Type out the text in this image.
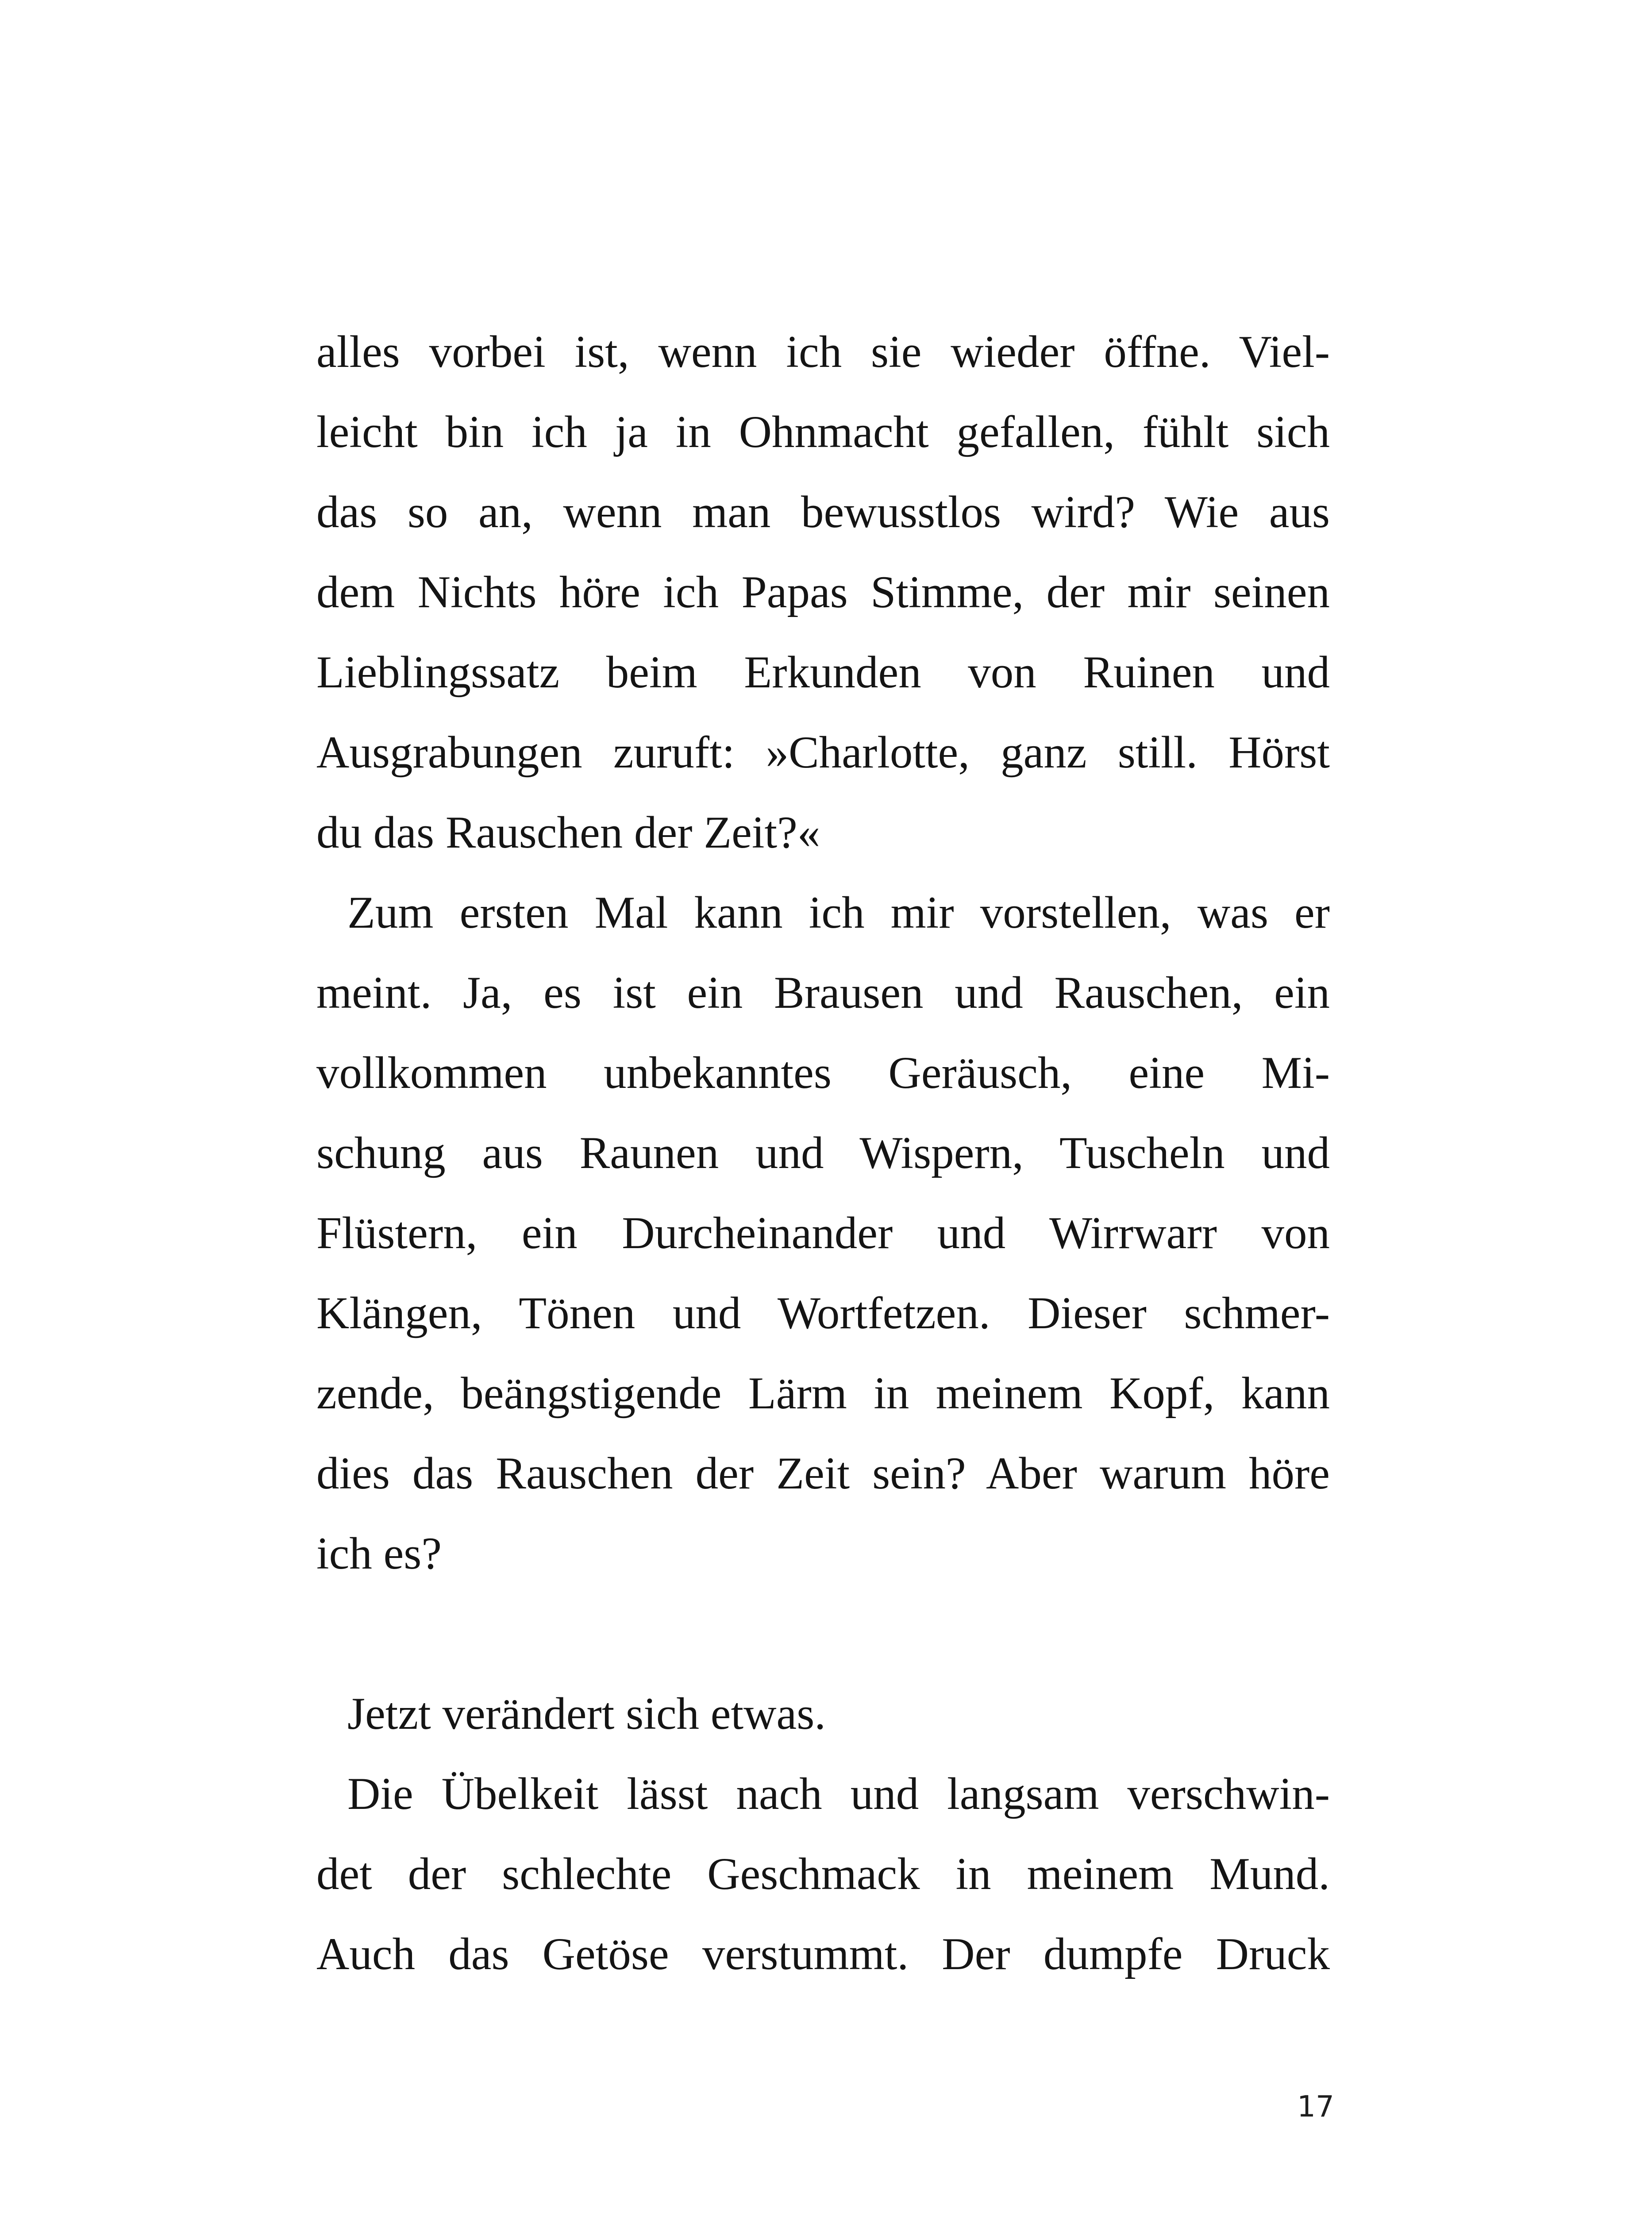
alles vorbei ist, wenn ich sie wieder öffne. Viel-
leicht bin ich ja in Ohnmacht gefallen, fühlt sich
das so an, wenn man bewusstlos wird? Wie aus
dem Nichts höre ich Papas Stimme, der mir seinen
Lieblingssatz beim Erkunden von Ruinen und
Ausgrabungen zuruft: »Charlotte, ganz still. Hörst
du das Rauschen der Zeit?«
Zum ersten Mal kann ich mir vorstellen, was er
meint. Ja, es ist ein Brausen und Rauschen, ein
vollkommen unbekanntes Geräusch, eine Mi-
schung aus Raunen und Wispern, Tuscheln und
Flüstern, ein Durcheinander und Wirrwarr von
Klängen, Tönen und Wortfetzen. Dieser schmer-
zende, beängstigende Lärm in meinem Kopf, kann
dies das Rauschen der Zeit sein? Aber warum höre
ich es?
Jetzt verändert sich etwas.
Die Übelkeit lässt nach und langsam verschwin-
det der schlechte Geschmack in meinem Mund.
Auch das Getöse verstummt. Der dumpfe Druck
17
